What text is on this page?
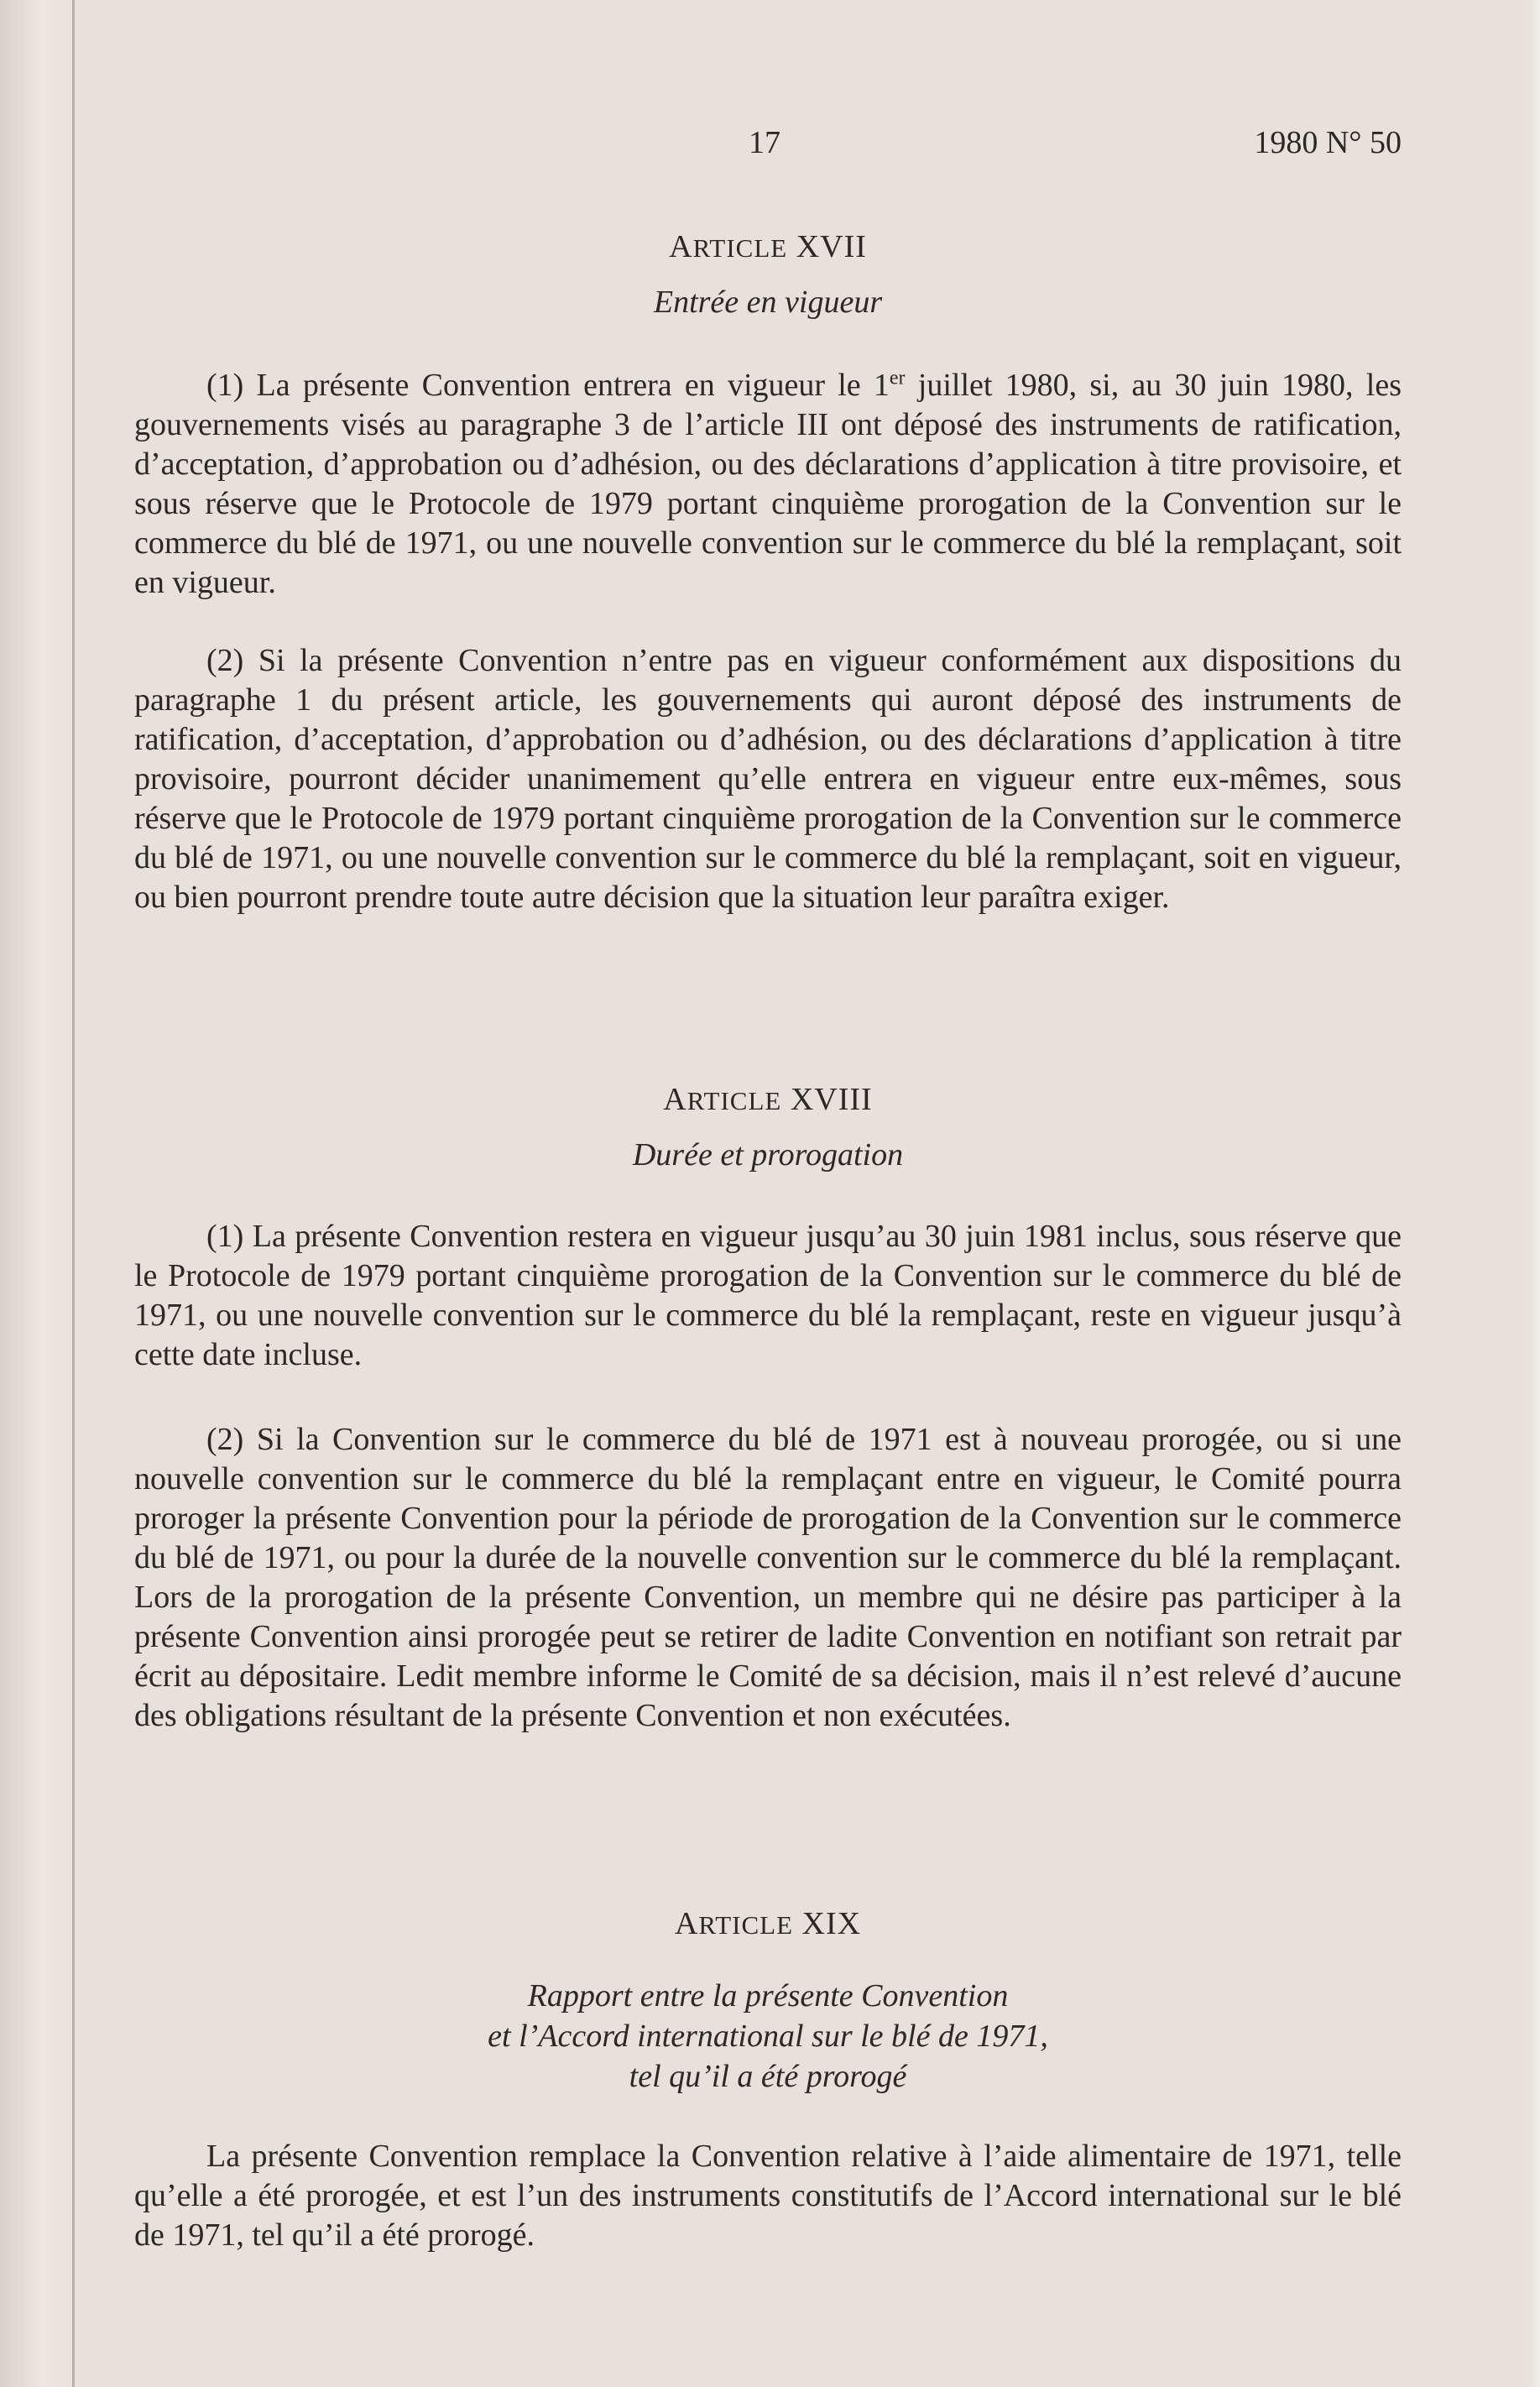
17	1980 N° 50
ARTICLE XVII

Entrée en vigueur

(1) La présente Convention entrera en vigueur le 1er juillet 1980, si, au 30 juin 1980, les gouvernements visés au paragraphe 3 de l’article III ont déposé des instruments de ratification, d’acceptation, d’approbation ou d’adhésion, ou des déclarations d’application à titre provisoire, et sous réserve que le Protocole de 1979 portant cinquième prorogation de la Convention sur le commerce du blé de 1971, ou une nouvelle convention sur le commerce du blé la remplaçant, soit en vigueur.

(2) Si la présente Convention n’entre pas en vigueur conformément aux dispositions du paragraphe 1 du présent article, les gouvernements qui auront déposé des instruments de ratification, d’acceptation, d’approbation ou d’adhésion, ou des déclarations d’application à titre provisoire, pourront décider unanimement qu’elle entrera en vigueur entre eux-mêmes, sous réserve que le Protocole de 1979 portant cinquième prorogation de la Convention sur le commerce du blé de 1971, ou une nouvelle convention sur le commerce du blé la remplaçant, soit en vigueur, ou bien pourront prendre toute autre décision que la situation leur paraîtra exiger.

ARTICLE XVIII

Durée et prorogation

(1) La présente Convention restera en vigueur jusqu’au 30 juin 1981 inclus, sous réserve que le Protocole de 1979 portant cinquième prorogation de la Convention sur le commerce du blé de 1971, ou une nouvelle convention sur le commerce du blé la remplaçant, reste en vigueur jusqu’à cette date incluse.

(2) Si la Convention sur le commerce du blé de 1971 est à nouveau prorogée, ou si une nouvelle convention sur le commerce du blé la remplaçant entre en vigueur, le Comité pourra proroger la présente Convention pour la période de prorogation de la Convention sur le commerce du blé de 1971, ou pour la durée de la nouvelle convention sur le commerce du blé la remplaçant. Lors de la prorogation de la présente Convention, un membre qui ne désire pas participer à la présente Convention ainsi prorogée peut se retirer de ladite Convention en notifiant son retrait par écrit au dépositaire. Ledit membre informe le Comité de sa décision, mais il n’est relevé d’aucune des obligations résultant de la présente Convention et non exécutées.

ARTICLE XIX

Rapport entre la présente Convention

et l’Accord international sur le blé de 1971,

tel qu’il a été prorogé

La présente Convention remplace la Convention relative à l’aide alimentaire de 1971, telle qu’elle a été prorogée, et est l’un des instruments constitutifs de l’Accord international sur le blé de 1971, tel qu’il a été prorogé.
